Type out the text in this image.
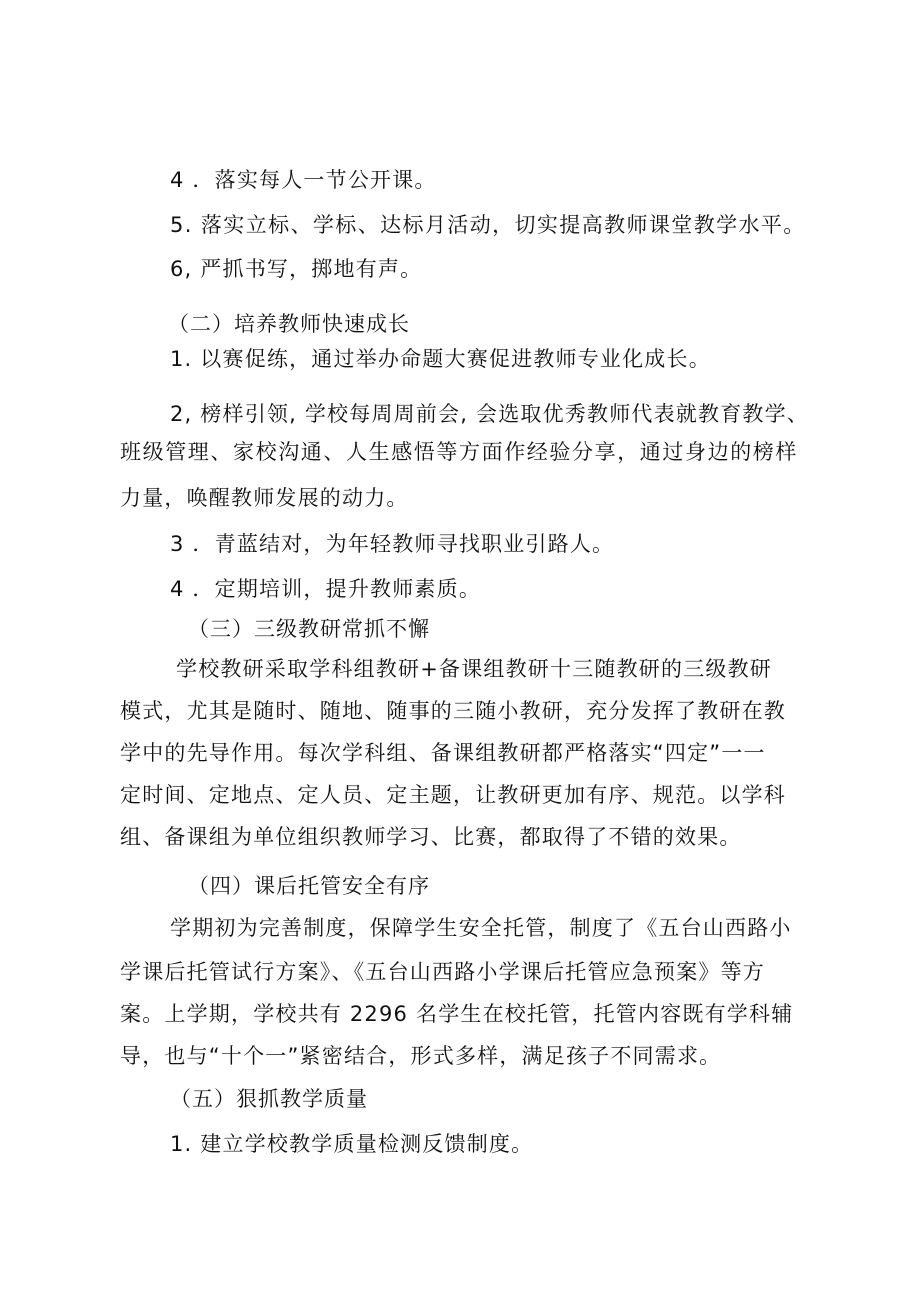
4 ．落实每人一节公开课。
5. 落实立标、学标、达标月活动，切实提高教师课堂教学水平。
6, 严抓书写，掷地有声。
（二）培养教师快速成长
1. 以赛促练，通过举办命题大赛促进教师专业化成长。
2, 榜样引领, 学校每周周前会, 会选取优秀教师代表就教育教学、
班级管理、家校沟通、人生感悟等方面作经验分享，通过身边的榜样
力量，唤醒教师发展的动力。
3 ．青蓝结对，为年轻教师寻找职业引路人。
4 ．定期培训，提升教师素质。
（三）三级教研常抓不懈
学校教研采取学科组教研+备课组教研十三随教研的三级教研
模式，尤其是随时、随地、随事的三随小教研，充分发挥了教研在教
学中的先导作用。每次学科组、备课组教研都严格落实“四定”一一
定时间、定地点、定人员、定主题，让教研更加有序、规范。以学科
组、备课组为单位组织教师学习、比赛，都取得了不错的效果。
（四）课后托管安全有序
学期初为完善制度，保障学生安全托管，制度了《五台山西路小
学课后托管试行方案》、《五台山西路小学课后托管应急预案》等方
案。上学期，学校共有 2296 名学生在校托管，托管内容既有学科辅
导，也与“十个一”紧密结合，形式多样，满足孩子不同需求。
（五）狠抓教学质量
1. 建立学校教学质量检测反馈制度。
